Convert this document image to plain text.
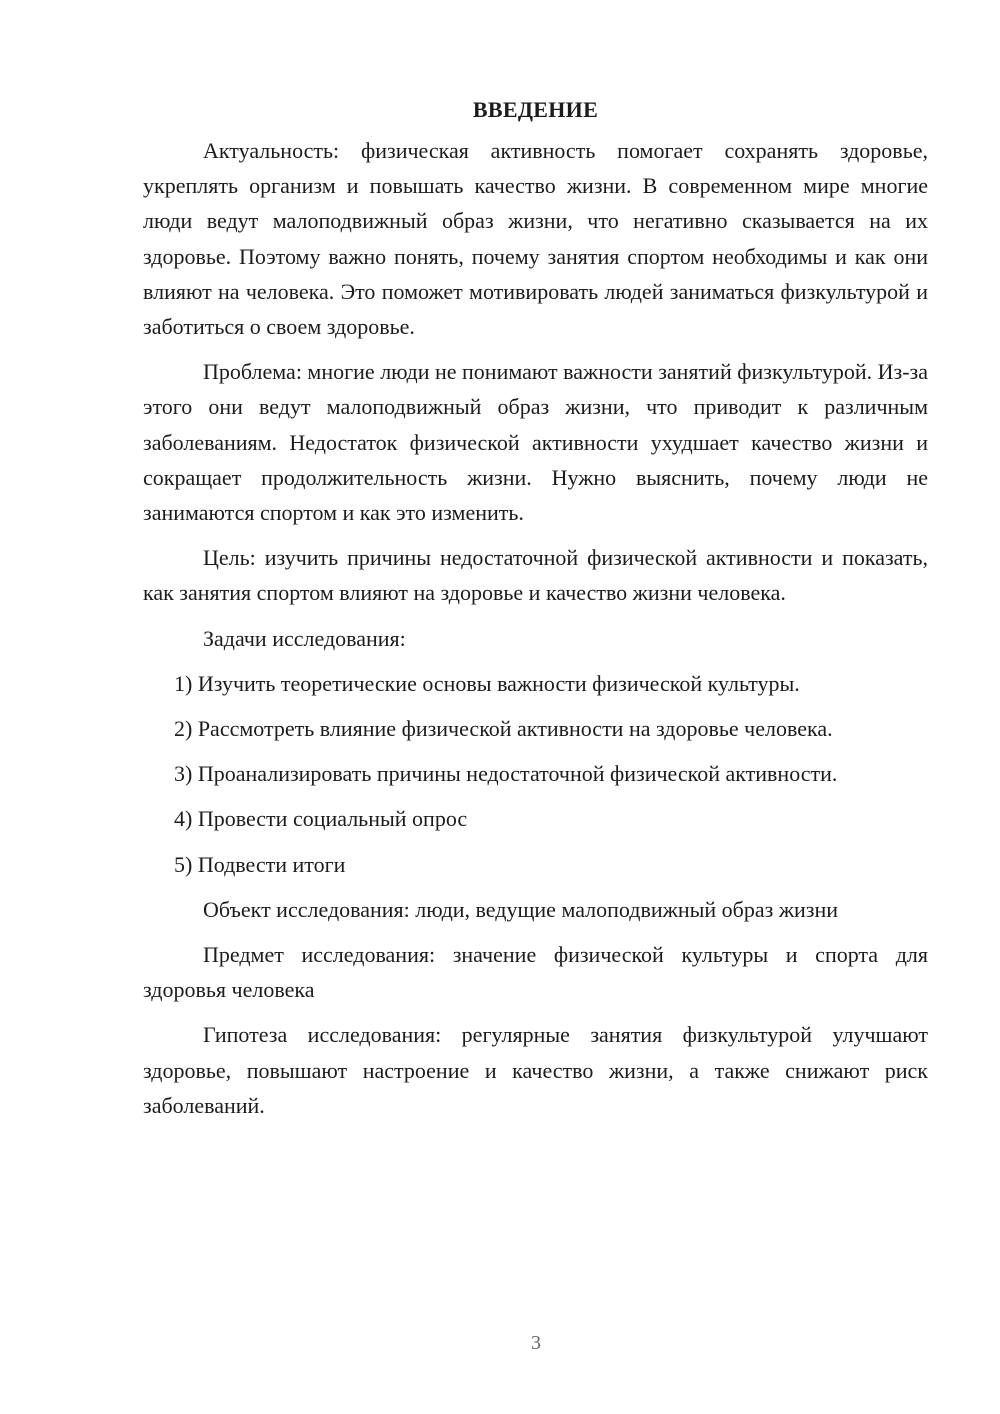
ВВЕДЕНИЕ

Актуальность: физическая активность помогает сохранять здоровье, укреплять организм и повышать качество жизни. В современном мире многие люди ведут малоподвижный образ жизни, что негативно сказывается на их здоровье. Поэтому важно понять, почему занятия спортом необходимы и как они влияют на человека. Это поможет мотивировать людей заниматься физкультурой и заботиться о своем здоровье.

Проблема: многие люди не понимают важности занятий физкультурой. Из-за этого они ведут малоподвижный образ жизни, что приводит к различным заболеваниям. Недостаток физической активности ухудшает качество жизни и сокращает продолжительность жизни. Нужно выяснить, почему люди не занимаются спортом и как это изменить.

Цель: изучить причины недостаточной физической активности и показать, как занятия спортом влияют на здоровье и качество жизни человека.

Задачи исследования:

1) Изучить теоретические основы важности физической культуры.

2) Рассмотреть влияние физической активности на здоровье человека.

3) Проанализировать причины недостаточной физической активности.

4) Провести социальный опрос

5) Подвести итоги

Объект исследования: люди, ведущие малоподвижный образ жизни

Предмет исследования: значение физической культуры и спорта для здоровья человека

Гипотеза исследования: регулярные занятия физкультурой улучшают здоровье, повышают настроение и качество жизни, а также снижают риск заболеваний.

3
